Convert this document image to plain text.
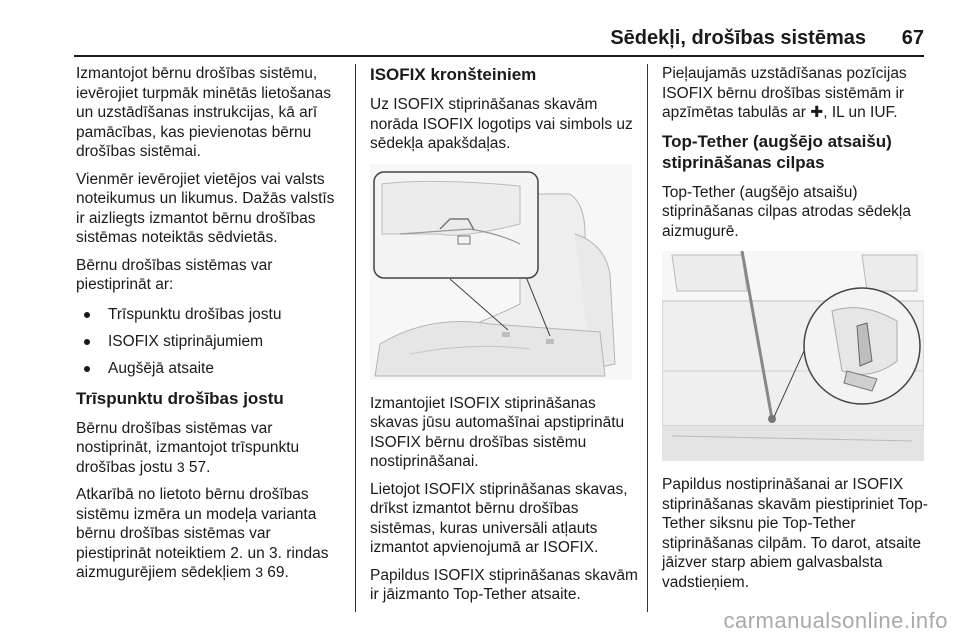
Sēdekļi, drošības sistēmas 67

Izmantojot bērnu drošības sistēmu, ievērojiet turpmāk minētās lietošanas un uzstādīšanas instrukcijas, kā arī pamācības, kas pievienotas bērnu drošības sistēmai.

Vienmēr ievērojiet vietējos vai valsts noteikumus un likumus. Dažās valstīs ir aizliegts izmantot bērnu drošības sistēmas noteiktās sēdvietās.

Bērnu drošības sistēmas var piestiprināt ar:

Trīspunktu drošības jostu
ISOFIX stiprinājumiem
Augšējā atsaite
Trīspunktu drošības jostu

Bērnu drošības sistēmas var nostiprināt, izmantojot trīspunktu drošības jostu 3 57.

Atkarībā no lietoto bērnu drošības sistēmu izmēra un modeļa varianta bērnu drošības sistēmas var piestiprināt noteiktiem 2. un 3. rindas aizmugurējiem sēdekļiem 3 69.

ISOFIX kronšteiniem

Uz ISOFIX stiprināšanas skavām norāda ISOFIX logotips vai simbols uz sēdekļa apakšdaļas.

Izmantojiet ISOFIX stiprināšanas skavas jūsu automašīnai apstiprinātu ISOFIX bērnu drošības sistēmu nostiprināšanai.

Lietojot ISOFIX stiprināšanas skavas, drīkst izmantot bērnu drošības sistēmas, kuras universāli atļauts izmantot apvienojumā ar ISOFIX.

Papildus ISOFIX stiprināšanas skavām ir jāizmanto Top-Tether atsaite.

Pieļaujamās uzstādīšanas pozīcijas ISOFIX bērnu drošības sistēmām ir apzīmētas tabulās ar ✚, IL un IUF.

Top-Tether (augšējo atsaišu) stiprināšanas cilpas

Top-Tether (augšējo atsaišu) stiprināšanas cilpas atrodas sēdekļa aizmugurē.

Papildus nostiprināšanai ar ISOFIX stiprināšanas skavām piestipriniet Top-Tether siksnu pie Top-Tether stiprināšanas cilpām. To darot, atsaite jāizver starp abiem galvasbalsta vadstieņiem.

carmanualsonline.info
